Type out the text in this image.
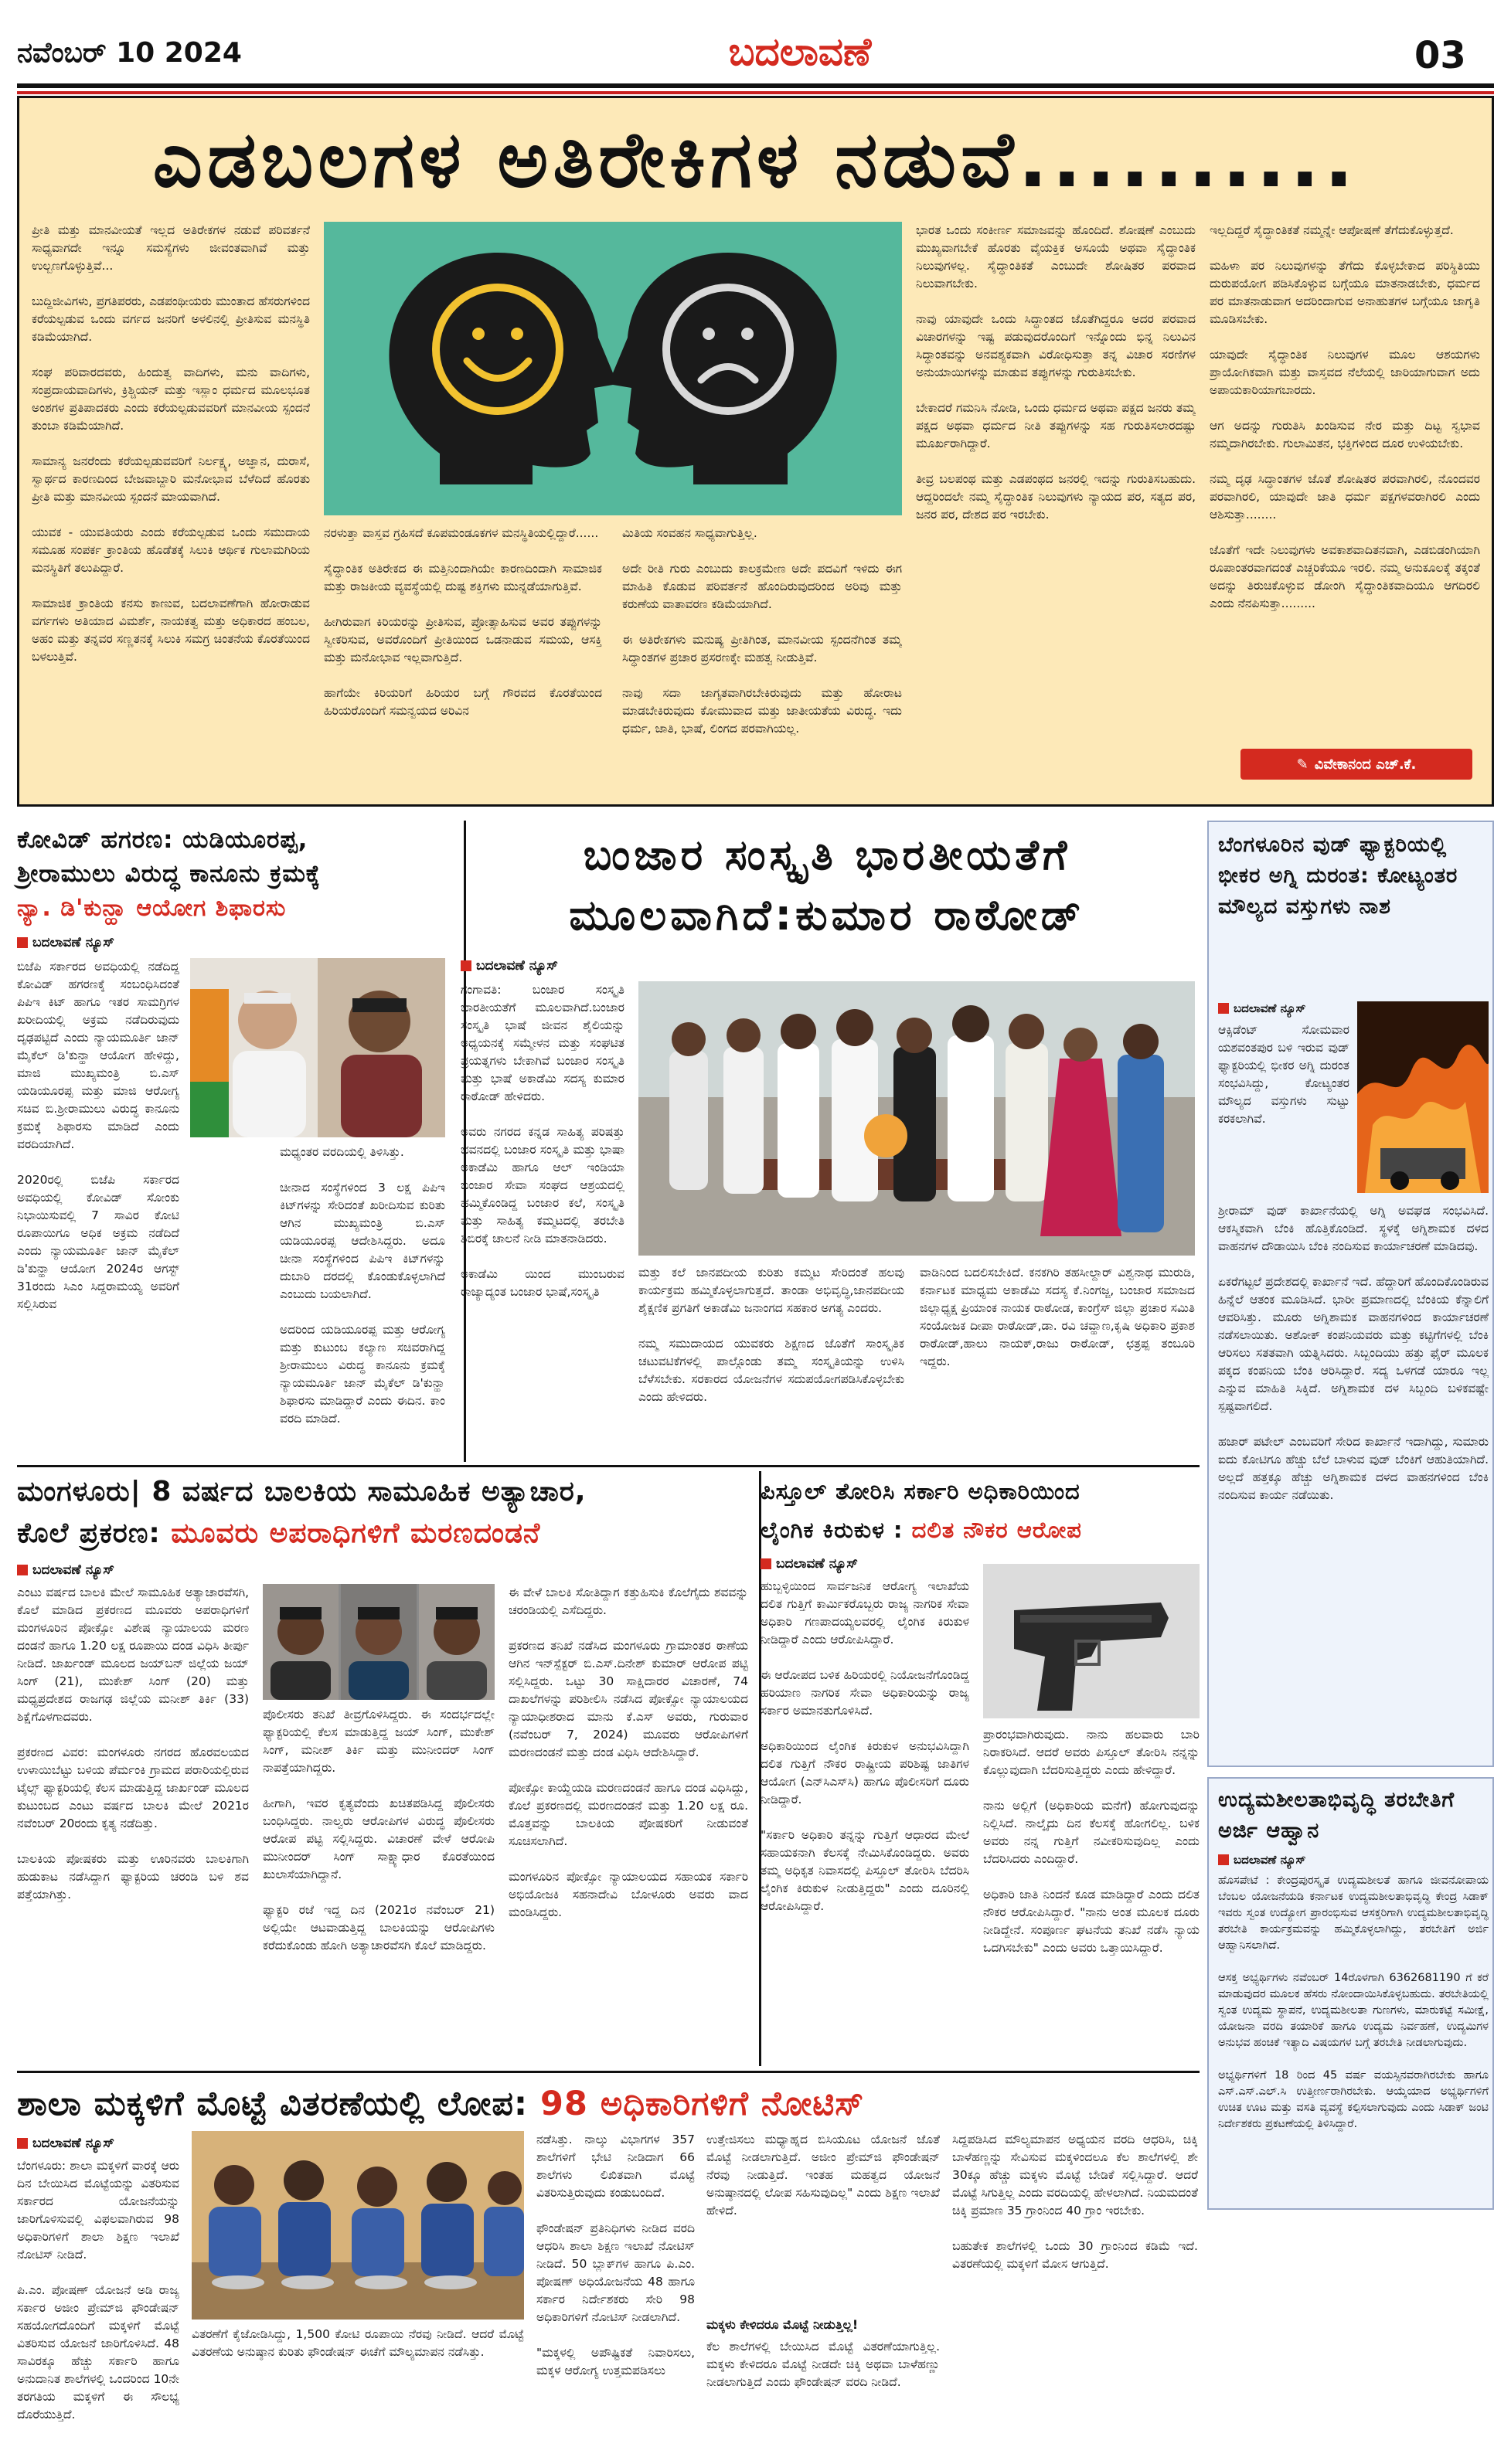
ನವೆಂಬರ್ 10 2024	ಬದಲಾವಣೆ	03
ಎಡಬಲಗಳ ಅತಿರೇಕಿಗಳ ನಡುವೆ..........
ಪ್ರೀತಿ ಮತ್ತು ಮಾನವೀಯತೆ ಇಲ್ಲದ ಅತಿರೇಕಗಳ ನಡುವೆ ಪರಿವರ್ತನೆ ಸಾಧ್ಯವಾಗದೇ ಇನ್ನೂ ಸಮಸ್ಯೆಗಳು ಜೀವಂತವಾಗಿವೆ ಮತ್ತು ಉಲ್ಬಣಗೊಳ್ಳುತ್ತಿವೆ...

ಬುದ್ದಿಜೀವಿಗಳು, ಪ್ರಗತಿಪರರು, ಎಡಪಂಥೀಯರು ಮುಂತಾದ ಹೆಸರುಗಳಿಂದ ಕರೆಯಲ್ಪಡುವ ಒಂದು ವರ್ಗದ ಜನರಿಗೆ ಅಳಲಿನಲ್ಲಿ ಪ್ರೀತಿಸುವ ಮನಸ್ಥಿತಿ ಕಡಿಮೆಯಾಗಿದೆ.

ಸಂಘ ಪರಿವಾರದವರು, ಹಿಂದುತ್ವ ವಾದಿಗಳು, ಮನು ವಾದಿಗಳು, ಸಂಪ್ರದಾಯವಾದಿಗಳು, ಕ್ರಿಶ್ಚಿಯನ್ ಮತ್ತು ಇಸ್ಲಾಂ ಧರ್ಮದ ಮೂಲಭೂತ ಅಂಶಗಳ ಪ್ರತಿಪಾದಕರು ಎಂದು ಕರೆಯಲ್ಪಡುವವರಿಗೆ ಮಾನವೀಯ ಸ್ಪಂದನೆ ತುಂಬಾ ಕಡಿಮೆಯಾಗಿದೆ.

ಸಾಮಾನ್ಯ ಜನರೆಂದು ಕರೆಯಲ್ಪಡುವವರಿಗೆ ನಿರ್ಲಕ್ಷ್ಯ, ಅಜ್ಞಾನ, ದುರಾಸೆ, ಸ್ವಾರ್ಥದ ಕಾರಣದಿಂದ ಬೇಜವಾಬ್ದಾರಿ ಮನೋಭಾವ ಬೆಳೆದಿದೆ ಹೊರತು ಪ್ರೀತಿ ಮತ್ತು ಮಾನವೀಯ ಸ್ಪಂದನೆ ಮಾಯವಾಗಿದೆ.

ಯುವಕ - ಯುವತಿಯರು ಎಂದು ಕರೆಯಲ್ಪಡುವ ಒಂದು ಸಮುದಾಯ ಸಮೂಹ ಸಂಪರ್ಕ ಕ್ರಾಂತಿಯ ಹೊಡೆತಕ್ಕೆ ಸಿಲುಕಿ ಆರ್ಥಿಕ ಗುಲಾಮಗಿರಿಯ ಮನಸ್ಥಿತಿಗೆ ತಲುಪಿದ್ದಾರೆ.

ಸಾಮಾಜಿಕ ಕ್ರಾಂತಿಯ ಕನಸು ಕಾಣುವ, ಬದಲಾವಣೆಗಾಗಿ ಹೋರಾಡುವ ವರ್ಗಗಳು ಅತಿಯಾದ ವಿಮರ್ಶೆ, ನಾಯಕತ್ವ ಮತ್ತು ಅಧಿಕಾರದ ಹಂಬಲ, ಅಹಂ ಮತ್ತು ತನ್ನವರ ಸಣ್ಣತನಕ್ಕೆ ಸಿಲುಕಿ ಸಮಗ್ರ ಚಿಂತನೆಯ ಕೊರತೆಯಿಂದ ಬಳಲುತ್ತಿವೆ.
ನರಳುತ್ತಾ ವಾಸ್ತವ ಗ್ರಹಿಸದೆ ಕೂಪಮಂಡೂಕಗಳ ಮನಸ್ಥಿತಿಯಲ್ಲಿದ್ದಾರೆ......

ಸೈದ್ಧಾಂತಿಕ ಅತಿರೇಕದ ಈ ಮತ್ತಿನಿಂದಾಗಿಯೇ ಕಾರಣದಿಂದಾಗಿ ಸಾಮಾಜಿಕ ಮತ್ತು ರಾಜಕೀಯ ವ್ಯವಸ್ಥೆಯಲ್ಲಿ ದುಷ್ಟ ಶಕ್ತಿಗಳು ಮುನ್ನಡೆಯಾಗುತ್ತಿವೆ.

ಹೀಗಿರುವಾಗ ಕಿರಿಯರನ್ನು ಪ್ರೀತಿಸುವ, ಪ್ರೋತ್ಸಾಹಿಸುವ ಅವರ ತಪ್ಪುಗಳನ್ನು ಸ್ವೀಕರಿಸುವ, ಅವರೊಂದಿಗೆ ಪ್ರೀತಿಯಿಂದ ಒಡನಾಡುವ ಸಮಯ, ಆಸಕ್ತಿ ಮತ್ತು ಮನೋಭಾವ ಇಲ್ಲವಾಗುತ್ತಿದೆ.

ಹಾಗೆಯೇ ಕಿರಿಯರಿಗೆ ಹಿರಿಯರ ಬಗ್ಗೆ ಗೌರವದ ಕೊರತೆಯಿಂದ ಹಿರಿಯರೊಂದಿಗೆ ಸಮನ್ವಯದ ಅರಿವಿನ
ಮಿತಿಯ ಸಂವಹನ ಸಾಧ್ಯವಾಗುತ್ತಿಲ್ಲ.

ಅದೇ ರೀತಿ ಗುರು ಎಂಬುದು ಕಾಲಕ್ರಮೇಣ ಅದೇ ಪದವಿಗೆ ಇಳಿದು ಈಗ ಮಾಹಿತಿ ಕೊಡುವ ಪರಿವರ್ತನೆ ಹೊಂದಿರುವುದರಿಂದ ಅರಿವು ಮತ್ತು ಕರುಣೆಯ ವಾತಾವರಣ ಕಡಿಮೆಯಾಗಿದೆ.

ಈ ಅತಿರೇಕಗಳು ಮನುಷ್ಯ ಪ್ರೀತಿಗಿಂತ, ಮಾನವೀಯ ಸ್ಪಂದನೆಗಿಂತ ತಮ್ಮ ಸಿದ್ಧಾಂತಗಳ ಪ್ರಚಾರ ಪ್ರಸರಣಕ್ಕೇ ಮಹತ್ವ ನೀಡುತ್ತಿವೆ.

ನಾವು ಸದಾ ಜಾಗೃತವಾಗಿರಬೇಕಿರುವುದು ಮತ್ತು ಹೋರಾಟ ಮಾಡಬೇಕಿರುವುದು ಕೋಮುವಾದ ಮತ್ತು ಜಾತೀಯತೆಯ ವಿರುದ್ಧ. ಇದು ಧರ್ಮ, ಜಾತಿ, ಭಾಷೆ, ಲಿಂಗದ ಪರವಾಗಿಯಲ್ಲ.
ಭಾರತ ಒಂದು ಸಂಕೀರ್ಣ ಸಮಾಜವನ್ನು ಹೊಂದಿದೆ. ಶೋಷಣೆ ಎಂಬುದು ಮುಖ್ಯವಾಗಬೇಕೆ ಹೊರತು ವೈಯಕ್ತಿಕ ಅಸೂಯೆ ಅಥವಾ ಸೈದ್ಧಾಂತಿಕ ನಿಲುವುಗಳಲ್ಲ. ಸೈದ್ಧಾಂತಿಕತೆ ಎಂಬುದೇ ಶೋಷಿತರ ಪರವಾದ ನಿಲುವಾಗಬೇಕು.

ನಾವು ಯಾವುದೇ ಒಂದು ಸಿದ್ಧಾಂತದ ಜೊತೆಗಿದ್ದರೂ ಅದರ ಪರವಾದ ವಿಚಾರಗಳನ್ನು ಇಷ್ಟ ಪಡುವುದರೊಂದಿಗೆ ಇನ್ನೊಂದು ಭಿನ್ನ ನಿಲುವಿನ ಸಿದ್ಧಾಂತವನ್ನು ಅನವಶ್ಯಕವಾಗಿ ವಿರೋಧಿಸುತ್ತಾ ತನ್ನ ವಿಚಾರ ಸರಣಿಗಳ ಅನುಯಾಯಿಗಳನ್ನು ಮಾಡುವ ತಪ್ಪುಗಳನ್ನು ಗುರುತಿಸಬೇಕು.

ಬೇಕಾದರೆ ಗಮನಿಸಿ ನೋಡಿ, ಒಂದು ಧರ್ಮದ ಅಥವಾ ಪಕ್ಷದ ಜನರು ತಮ್ಮ ಪಕ್ಷದ ಅಥವಾ ಧರ್ಮದ ನೀತಿ ತಪ್ಪುಗಳನ್ನು ಸಹ ಗುರುತಿಸಲಾರದಷ್ಟು ಮೂರ್ಖರಾಗಿದ್ದಾರೆ.

ತೀವ್ರ ಬಲಪಂಥ ಮತ್ತು ಎಡಪಂಥದ ಜನರಲ್ಲಿ ಇದನ್ನು ಗುರುತಿಸಬಹುದು. ಆದ್ದರಿಂದಲೇ ನಮ್ಮ ಸೈದ್ಧಾಂತಿಕ ನಿಲುವುಗಳು ನ್ಯಾಯದ ಪರ, ಸತ್ಯದ ಪರ, ಜನರ ಪರ, ದೇಶದ ಪರ ಇರಬೇಕು.
ಇಲ್ಲದಿದ್ದರೆ ಸೈದ್ಧಾಂತಿಕತೆ ನಮ್ಮನ್ನೇ ಆಪೋಷಣೆ ತೆಗೆದುಕೊಳ್ಳುತ್ತದೆ.

ಮಹಿಳಾ ಪರ ನಿಲುವುಗಳನ್ನು ತೆಗೆದು ಕೊಳ್ಳಬೇಕಾದ ಪರಿಸ್ಥಿತಿಯು ದುರುಪಯೋಗ ಪಡಿಸಿಕೊಳ್ಳುವ ಬಗ್ಗೆಯೂ ಮಾತನಾಡಬೇಕು, ಧರ್ಮದ ಪರ ಮಾತನಾಡುವಾಗ ಅದರಿಂದಾಗುವ ಅನಾಹುತಗಳ ಬಗ್ಗೆಯೂ ಜಾಗೃತಿ ಮೂಡಿಸಬೇಕು.

ಯಾವುದೇ ಸೈದ್ಧಾಂತಿಕ ನಿಲುವುಗಳ ಮೂಲ ಆಶಯಗಳು ಪ್ರಾಯೋಗಿಕವಾಗಿ ಮತ್ತು ವಾಸ್ತವದ ನೆಲೆಯಲ್ಲಿ ಜಾರಿಯಾಗುವಾಗ ಅದು ಅಪಾಯಕಾರಿಯಾಗಬಾರದು.

ಆಗ ಅದನ್ನು ಗುರುತಿಸಿ ಖಂಡಿಸುವ ನೇರ ಮತ್ತು ದಿಟ್ಟ ಸ್ವಭಾವ ನಮ್ಮದಾಗಿರಬೇಕು. ಗುಲಾಮಿತನ, ಭಕ್ತಿಗಳಿಂದ ದೂರ ಉಳಿಯಬೇಕು.

ನಮ್ಮ ದೃಢ ಸಿದ್ಧಾಂತಗಳ ಜೊತೆ ಶೋಷಿತರ ಪರವಾಗಿರಲಿ, ನೊಂದವರ ಪರವಾಗಿರಲಿ, ಯಾವುದೇ ಜಾತಿ ಧರ್ಮ ಪಕ್ಷಗಳವರಾಗಿರಲಿ ಎಂದು ಆಶಿಸುತ್ತಾ........

ಜೊತೆಗೆ ಇದೇ ನಿಲುವುಗಳು ಅವಕಾಶವಾದಿತನವಾಗಿ, ಎಡಬಿಡಂಗಿಯಾಗಿ ರೂಪಾಂತರವಾಗದಂತೆ ಎಚ್ಚರಿಕೆಯೂ ಇರಲಿ. ನಮ್ಮ ಅನುಕೂಲಕ್ಕೆ ತಕ್ಕಂತೆ ಅದನ್ನು ತಿರುಚಿಕೊಳ್ಳುವ ಡೋಂಗಿ ಸೈದ್ಧಾಂತಿಕವಾದಿಯೂ ಆಗದಿರಲಿ ಎಂದು ನೆನಪಿಸುತ್ತಾ.........
✎ ವಿವೇಕಾನಂದ ಎಚ್.ಕೆ.
ಕೋವಿಡ್ ಹಗರಣ: ಯಡಿಯೂರಪ್ಪ,
ಶ್ರೀರಾಮುಲು ವಿರುದ್ಧ ಕಾನೂನು ಕ್ರಮಕ್ಕೆ
ನ್ಯಾ. ಡಿ'ಕುನ್ಹಾ ಆಯೋಗ ಶಿಫಾರಸು
ಬದಲಾವಣೆ ನ್ಯೂಸ್
ಬಿಜೆಪಿ ಸರ್ಕಾರದ ಅವಧಿಯಲ್ಲಿ ನಡೆದಿದ್ದ ಕೋವಿಡ್ ಹಗರಣಕ್ಕೆ ಸಂಬಂಧಿಸಿದಂತೆ ಪಿಪಿಇ ಕಿಟ್ ಹಾಗೂ ಇತರ ಸಾಮಗ್ರಿಗಳ ಖರೀದಿಯಲ್ಲಿ ಅಕ್ರಮ ನಡೆದಿರುವುದು ದೃಢಪಟ್ಟಿದೆ ಎಂದು ನ್ಯಾಯಮೂರ್ತಿ ಜಾನ್ ಮೈಕೆಲ್ ಡಿ'ಕುನ್ಹಾ ಆಯೋಗ ಹೇಳಿದ್ದು, ಮಾಜಿ ಮುಖ್ಯಮಂತ್ರಿ ಬಿ.ಎಸ್ ಯಡಿಯೂರಪ್ಪ ಮತ್ತು ಮಾಜಿ ಆರೋಗ್ಯ ಸಚಿವ ಬಿ.ಶ್ರೀರಾಮುಲು ವಿರುದ್ಧ ಕಾನೂನು ಕ್ರಮಕ್ಕೆ ಶಿಫಾರಸು ಮಾಡಿದೆ ಎಂದು ವರದಿಯಾಗಿದೆ.

2020ರಲ್ಲಿ ಬಿಜೆಪಿ ಸರ್ಕಾರದ ಅವಧಿಯಲ್ಲಿ ಕೋವಿಡ್ ಸೋಂಕು ನಿಭಾಯಿಸುವಲ್ಲಿ 7 ಸಾವಿರ ಕೋಟಿ ರೂಪಾಯಿಗೂ ಅಧಿಕ ಅಕ್ರಮ ನಡೆದಿದೆ ಎಂದು ನ್ಯಾಯಮೂರ್ತಿ ಜಾನ್ ಮೈಕೆಲ್ ಡಿ'ಕುನ್ಹಾ ಆಯೋಗ 2024ರ ಆಗಸ್ಟ್ 31ರಂದು ಸಿಎಂ ಸಿದ್ದರಾಮಯ್ಯ ಅವರಿಗೆ ಸಲ್ಲಿಸಿರುವ
ಮಧ್ಯಂತರ ವರದಿಯಲ್ಲಿ ತಿಳಿಸಿತ್ತು.

ಚೀನಾದ ಸಂಸ್ಥೆಗಳಿಂದ 3 ಲಕ್ಷ ಪಿಪಿಇ ಕಿಟ್‌ಗಳನ್ನು ಸೇರಿದಂತೆ ಖರೀದಿಸುವ ಕುರಿತು ಆಗಿನ ಮುಖ್ಯಮಂತ್ರಿ ಬಿ.ಎಸ್ ಯಡಿಯೂರಪ್ಪ ಆದೇಶಿಸಿದ್ದರು. ಅದೂ ಚೀನಾ ಸಂಸ್ಥೆಗಳಿಂದ ಪಿಪಿಇ ಕಿಟ್‌ಗಳನ್ನು ದುಬಾರಿ ದರದಲ್ಲಿ ಕೊಂಡುಕೊಳ್ಳಲಾಗಿದೆ ಎಂಬುದು ಬಯಲಾಗಿದೆ.

ಅದರಿಂದ ಯಡಿಯೂರಪ್ಪ ಮತ್ತು ಆರೋಗ್ಯ ಮತ್ತು ಕುಟುಂಬ ಕಲ್ಯಾಣ ಸಚಿವರಾಗಿದ್ದ ಶ್ರೀರಾಮುಲು ವಿರುದ್ಧ ಕಾನೂನು ಕ್ರಮಕ್ಕೆ ನ್ಯಾಯಮೂರ್ತಿ ಜಾನ್ ಮೈಕೆಲ್ ಡಿ'ಕುನ್ಹಾ ಶಿಫಾರಸು ಮಾಡಿದ್ದಾರೆ ಎಂದು ಈದಿನ. ಕಾಂ ವರದಿ ಮಾಡಿದೆ.
ಬಂಜಾರ ಸಂಸ್ಕೃತಿ ಭಾರತೀಯತೆಗೆ
ಮೂಲವಾಗಿದೆ:ಕುಮಾರ ರಾಠೋಡ್
ಬದಲಾವಣೆ ನ್ಯೂಸ್
ಗಂಗಾವತಿ: ಬಂಜಾರ ಸಂಸ್ಕೃತಿ ಭಾರತೀಯತೆಗೆ ಮೂಲವಾಗಿದೆ.ಬಂಜಾರ ಸಂಸ್ಕೃತಿ ಭಾಷೆ ಜೀವನ ಶೈಲಿಯನ್ನು ಅಧ್ಯಯನಕ್ಕೆ ಸಮ್ಮೇಳನ ಮತ್ತು ಸಂಘಟಿತ ಪ್ರಯತ್ನಗಳು ಬೇಕಾಗಿವೆ ಬಂಜಾರ ಸಂಸ್ಕೃತಿ ಮತ್ತು ಭಾಷೆ ಅಕಾಡೆಮಿ ಸದಸ್ಯ ಕುಮಾರ ರಾಠೋಡ್ ಹೇಳಿದರು.

ಅವರು ನಗರದ ಕನ್ನಡ ಸಾಹಿತ್ಯ ಪರಿಷತ್ತು ಭವನದಲ್ಲಿ ಬಂಜಾರ ಸಂಸ್ಕೃತಿ ಮತ್ತು ಭಾಷಾ ಅಕಾಡೆಮಿ ಹಾಗೂ ಆಲ್ ಇಂಡಿಯಾ ಬಂಜಾರ ಸೇವಾ ಸಂಘದ ಆಶ್ರಯದಲ್ಲಿ ಹಮ್ಮಿಕೊಂಡಿದ್ದ ಬಂಜಾರ ಕಲೆ, ಸಂಸ್ಕೃತಿ ಮತ್ತು ಸಾಹಿತ್ಯ ಕಮ್ಮಟದಲ್ಲಿ ತರಬೇತಿ ಶಿಬಿರಕ್ಕೆ ಚಾಲನೆ ನೀಡಿ ಮಾತನಾಡಿದರು.

ಅಕಾಡೆಮಿ ಯಿಂದ ಮುಂಬರುವ ರಾಜ್ಯಾದ್ಯಂತ ಬಂಜಾರ ಭಾಷೆ,ಸಂಸ್ಕೃತಿ
ಮತ್ತು ಕಲೆ ಜಾನಪದೀಯ ಕುರಿತು ಕಮ್ಮಟ ಸೇರಿದಂತೆ ಹಲವು ಕಾರ್ಯಕ್ರಮ ಹಮ್ಮಿಕೊಳ್ಳಲಾಗುತ್ತದೆ. ತಾಂಡಾ ಅಭಿವೃದ್ಧಿ,ಜಾನಪದೀಯ ಶೈಕ್ಷಣಿಕ ಪ್ರಗತಿಗೆ ಅಕಾಡೆಮಿ ಜನಾಂಗದ ಸಹಕಾರ ಅಗತ್ಯ ಎಂದರು.

ನಮ್ಮ ಸಮುದಾಯದ ಯುವಕರು ಶಿಕ್ಷಣದ ಜೊತೆಗೆ ಸಾಂಸ್ಕೃತಿಕ ಚಟುವಟಿಕೆಗಳಲ್ಲಿ ಪಾಲ್ಗೊಂಡು ತಮ್ಮ ಸಂಸ್ಕೃತಿಯನ್ನು ಉಳಿಸಿ ಬೆಳೆಸಬೇಕು. ಸರಕಾರದ ಯೋಜನೆಗಳ ಸದುಪಯೋಗಪಡಿಸಿಕೊಳ್ಳಬೇಕು ಎಂದು ಹೇಳಿದರು.
ವಾಡಿನಿಂದ ಬದಲಿಸಬೇಕಿದೆ. ಕನಕಗಿರಿ ತಹಸೀಲ್ದಾರ್ ವಿಶ್ವನಾಥ ಮುರುಡಿ, ಕರ್ನಾಟಕ ಮಾಧ್ಯಮ ಅಕಾಡೆಮಿ ಸದಸ್ಯ ಕೆ.ನಿಂಗಜ್ಜ, ಬಂಜಾರ ಸಮಾಜದ ಜಿಲ್ಲಾಧ್ಯಕ್ಷ ಪ್ರಿಯಾಂಕ ನಾಯಕ ರಾಠೋಡ, ಕಾಂಗ್ರೆಸ್ ಜಿಲ್ಲಾ ಪ್ರಚಾರ ಸಮಿತಿ ಸಂಯೋಜಕ ದೀಪಾ ರಾಠೋಡ್,ಡಾ. ರವಿ ಚವ್ಹಾಣ,ಕೃಷಿ ಅಧಿಕಾರಿ ಪ್ರಕಾಶ ರಾಠೋಡ್,ಹಾಲು ನಾಯಕ್,ರಾಜು ರಾಠೋಡ್, ಛತ್ರಪ್ಪ ತಂಬೂರಿ ಇದ್ದರು.
ಬೆಂಗಳೂರಿನ ವುಡ್ ಫ್ಯಾಕ್ಟರಿಯಲ್ಲಿ ಭೀಕರ ಅಗ್ನಿ ದುರಂತ: ಕೋಟ್ಯಂತರ ಮೌಲ್ಯದ ವಸ್ತುಗಳು ನಾಶ
ಬದಲಾವಣೆ ನ್ಯೂಸ್
ಆಕ್ಸಿಡೆಂಟ್ ಸೋಮವಾರ ಯಶವಂತಪುರ ಬಳಿ ಇರುವ ವುಡ್ ಫ್ಯಾಕ್ಟರಿಯಲ್ಲಿ ಭೀಕರ ಅಗ್ನಿ ದುರಂತ ಸಂಭವಿಸಿದ್ದು, ಕೋಟ್ಯಂತರ ಮೌಲ್ಯದ ವಸ್ತುಗಳು ಸುಟ್ಟು ಕರಕಲಾಗಿವೆ.
ಶ್ರೀರಾಮ್ ವುಡ್ ಕಾರ್ಖಾನೆಯಲ್ಲಿ ಅಗ್ನಿ ಅವಘಡ ಸಂಭವಿಸಿದೆ. ಆಕಸ್ಮಿಕವಾಗಿ ಬೆಂಕಿ ಹೊತ್ತಿಕೊಂಡಿದೆ. ಸ್ಥಳಕ್ಕೆ ಅಗ್ನಿಶಾಮಕ ದಳದ ವಾಹನಗಳ ದೌಡಾಯಿಸಿ ಬೆಂಕಿ ನಂದಿಸುವ ಕಾರ್ಯಾಚರಣೆ ಮಾಡಿದವು.

ಏಕರೆಗಟ್ಟಲೆ ಪ್ರದೇಶದಲ್ಲಿ ಕಾರ್ಖಾನೆ ಇದೆ. ಹೆದ್ದಾರಿಗೆ ಹೊಂದಿಕೊಂಡಿರುವ ಹಿನ್ನೆಲೆ ಆತಂಕ ಮೂಡಿಸಿದೆ. ಭಾರೀ ಪ್ರಮಾಣದಲ್ಲಿ ಬೆಂಕಿಯ ಕೆನ್ನಾಲಿಗೆ ಆವರಿಸಿತ್ತು. ಮೂರು ಅಗ್ನಿಶಾಮಕ ವಾಹನಗಳಿಂದ ಕಾರ್ಯಾಚರಣೆ ನಡೆಸಲಾಯಿತು. ಅಶೋಕ್ ಕಂಪನಿಯವರು ಮತ್ತು ಕಟ್ಟಿಗೆಗಳಲ್ಲಿ ಬೆಂಕಿ ಆರಿಸಲು ಸತತವಾಗಿ ಯತ್ನಿಸಿದರು. ಸಿಬ್ಬಂದಿಯು ಹತ್ತು ಫೈರ್ ಮೂಲಕ ಪಕ್ಕದ ಕಂಪನಿಯ ಬೆಂಕಿ ಆರಿಸಿದ್ದಾರೆ. ಸದ್ಯ ಒಳಗಡೆ ಯಾರೂ ಇಲ್ಲ ಎನ್ನುವ ಮಾಹಿತಿ ಸಿಕ್ಕಿದೆ. ಅಗ್ನಿಶಾಮಕ ದಳ ಸಿಬ್ಬಂದಿ ಬಳಿಕವಷ್ಟೇ ಸ್ಪಷ್ಟವಾಗಲಿದೆ.

ಹಜಾರ್ ಪಟೇಲ್ ಎಂಬವರಿಗೆ ಸೇರಿದ ಕಾರ್ಖಾನೆ ಇದಾಗಿದ್ದು, ಸುಮಾರು ಐದು ಕೋಟಿಗೂ ಹೆಚ್ಚು ಬೆಲೆ ಬಾಳುವ ವುಡ್ ಬೆಂಕಿಗೆ ಆಹುತಿಯಾಗಿದೆ. ಅಲ್ಲದೆ ಹತ್ತಕ್ಕೂ ಹೆಚ್ಚು ಅಗ್ನಿಶಾಮಕ ದಳದ ವಾಹನಗಳಿಂದ ಬೆಂಕಿ ನಂದಿಸುವ ಕಾರ್ಯ ನಡೆಯಿತು.
ಉದ್ಯಮಶೀಲತಾಭಿವೃದ್ಧಿ ತರಬೇತಿಗೆ ಅರ್ಜಿ ಆಹ್ವಾನ
ಬದಲಾವಣೆ ನ್ಯೂಸ್
ಹೊಸಪೇಟೆ : ಕೇಂದ್ರಪುರಸ್ಕೃತ ಉದ್ಯಮಶೀಲತೆ ಹಾಗೂ ಜೀವನೋಪಾಯ ಬೆಂಬಲ ಯೋಜನೆಯಡಿ ಕರ್ನಾಟಕ ಉದ್ಯಮಶೀಲತಾಭಿವೃದ್ಧಿ ಕೇಂದ್ರ ಸಿಡಾಕ್ ಇವರು ಸ್ವಂತ ಉದ್ಯೋಗ ಪ್ರಾರಂಭಿಸುವ ಆಸಕ್ತರಿಗಾಗಿ ಉದ್ಯಮಶೀಲತಾಭಿವೃದ್ಧಿ ತರಬೇತಿ ಕಾರ್ಯಕ್ರಮವನ್ನು ಹಮ್ಮಿಕೊಳ್ಳಲಾಗಿದ್ದು, ತರಬೇತಿಗೆ ಅರ್ಜಿ ಆಹ್ವಾನಿಸಲಾಗಿದೆ.

ಆಸಕ್ತ ಅಭ್ಯರ್ಥಿಗಳು ನವೆಂಬರ್ 14ರೊಳಗಾಗಿ 6362681190 ಗೆ ಕರೆ ಮಾಡುವುದರ ಮೂಲಕ ಹೆಸರು ನೋಂದಾಯಿಸಿಕೊಳ್ಳಬಹುದು. ತರಬೇತಿಯಲ್ಲಿ ಸ್ವಂತ ಉದ್ಯಮ ಸ್ಥಾಪನೆ, ಉದ್ಯಮಶೀಲತಾ ಗುಣಗಳು, ಮಾರುಕಟ್ಟೆ ಸಮೀಕ್ಷೆ, ಯೋಜನಾ ವರದಿ ತಯಾರಿಕೆ ಹಾಗೂ ಉದ್ಯಮ ನಿರ್ವಹಣೆ, ಉದ್ಯಮಿಗಳ ಅನುಭವ ಹಂಚಿಕೆ ಇತ್ಯಾದಿ ವಿಷಯಗಳ ಬಗ್ಗೆ ತರಬೇತಿ ನೀಡಲಾಗುವುದು.

ಅಭ್ಯರ್ಥಿಗಳಿಗೆ 18 ರಿಂದ 45 ವರ್ಷ ವಯಸ್ಸಿನವರಾಗಿರಬೇಕು ಹಾಗೂ ಎಸ್.ಎಸ್.ಎಲ್.ಸಿ ಉತ್ತೀರ್ಣರಾಗಿರಬೇಕು. ಆಯ್ಕೆಯಾದ ಅಭ್ಯರ್ಥಿಗಳಿಗೆ ಉಚಿತ ಊಟ ಮತ್ತು ವಸತಿ ವ್ಯವಸ್ಥೆ ಕಲ್ಪಿಸಲಾಗುವುದು ಎಂದು ಸಿಡಾಕ್ ಜಂಟಿ ನಿರ್ದೇಶಕರು ಪ್ರಕಟಣೆಯಲ್ಲಿ ತಿಳಿಸಿದ್ದಾರೆ.
ಮಂಗಳೂರು| 8 ವರ್ಷದ ಬಾಲಕಿಯ ಸಾಮೂಹಿಕ ಅತ್ಯಾಚಾರ,
ಕೊಲೆ ಪ್ರಕರಣ: ಮೂವರು ಅಪರಾಧಿಗಳಿಗೆ ಮರಣದಂಡನೆ
ಬದಲಾವಣೆ ನ್ಯೂಸ್
ಎಂಟು ವರ್ಷದ ಬಾಲಕಿ ಮೇಲೆ ಸಾಮೂಹಿಕ ಅತ್ಯಾಚಾರವೆಸಗಿ, ಕೊಲೆ ಮಾಡಿದ ಪ್ರಕರಣದ ಮೂವರು ಅಪರಾಧಿಗಳಿಗೆ ಮಂಗಳೂರಿನ ಪೋಕ್ಸೋ ವಿಶೇಷ ನ್ಯಾಯಾಲಯ ಮರಣ ದಂಡನೆ ಹಾಗೂ 1.20 ಲಕ್ಷ ರೂಪಾಯಿ ದಂಡ ವಿಧಿಸಿ ತೀರ್ಪು ನೀಡಿದೆ. ಜಾರ್ಖಂಡ್ ಮೂಲದ ಜಯ್‌ಬನ್ ಜಿಲ್ಲೆಯ ಜಯ್ ಸಿಂಗ್ (21), ಮುಕೇಶ್ ಸಿಂಗ್ (20) ಮತ್ತು ಮಧ್ಯಪ್ರದೇಶದ ರಾಜಗಢ ಜಿಲ್ಲೆಯ ಮನೀಶ್ ತಿರ್ಕಿ (33) ಶಿಕ್ಷೆಗೊಳಗಾದವರು.

ಪ್ರಕರಣದ ವಿವರ: ಮಂಗಳೂರು ನಗರದ ಹೊರವಲಯದ ಉಳಾಯಿಬೆಟ್ಟು ಬಳಿಯ ಪೆರ್ಮಂಕಿ ಗ್ರಾಮದ ಪರಾರಿಯಲ್ಲಿರುವ ಟೈಲ್ಸ್ ಫ್ಯಾಕ್ಟರಿಯಲ್ಲಿ ಕೆಲಸ ಮಾಡುತ್ತಿದ್ದ ಜಾರ್ಖಂಡ್ ಮೂಲದ ಕುಟುಂಬದ ಎಂಟು ವರ್ಷದ ಬಾಲಕಿ ಮೇಲೆ 2021ರ ನವೆಂಬರ್ 20ರಂದು ಕೃತ್ಯ ನಡೆದಿತ್ತು.

ಬಾಲಕಿಯ ಪೋಷಕರು ಮತ್ತು ಊರಿನವರು ಬಾಲಕಿಗಾಗಿ ಹುಡುಕಾಟ ನಡೆಸಿದ್ದಾಗ ಫ್ಯಾಕ್ಟರಿಯ ಚರಂಡಿ ಬಳಿ ಶವ ಪತ್ತೆಯಾಗಿತ್ತು.
ಪೊಲೀಸರು ತನಿಖೆ ತೀವ್ರಗೊಳಿಸಿದ್ದರು. ಈ ಸಂದರ್ಭದಲ್ಲೇ ಫ್ಯಾಕ್ಟರಿಯಲ್ಲಿ ಕೆಲಸ ಮಾಡುತ್ತಿದ್ದ ಜಯ್ ಸಿಂಗ್, ಮುಕೇಶ್ ಸಿಂಗ್, ಮನೀಶ್ ತಿರ್ಕಿ ಮತ್ತು ಮುನೀಂದರ್ ಸಿಂಗ್ ನಾಪತ್ತೆಯಾಗಿದ್ದರು.

ಹೀಗಾಗಿ, ಇವರ ಕೃತ್ಯವೆಂದು ಖಚಿತಪಡಿಸಿದ್ದ ಪೊಲೀಸರು ಬಂಧಿಸಿದ್ದರು. ನಾಲ್ವರು ಆರೋಪಿಗಳ ವಿರುದ್ಧ ಪೊಲೀಸರು ಆರೋಪ ಪಟ್ಟಿ ಸಲ್ಲಿಸಿದ್ದರು. ವಿಚಾರಣೆ ವೇಳೆ ಆರೋಪಿ ಮುನೀಂದರ್ ಸಿಂಗ್ ಸಾಕ್ಷ್ಯಾಧಾರ ಕೊರತೆಯಿಂದ ಖುಲಾಸೆಯಾಗಿದ್ದಾನೆ.

ಫ್ಯಾಕ್ಟರಿ ರಜೆ ಇದ್ದ ದಿನ (2021ರ ನವೆಂಬರ್ 21) ಅಲ್ಲಿಯೇ ಆಟವಾಡುತ್ತಿದ್ದ ಬಾಲಕಿಯನ್ನು ಆರೋಪಿಗಳು ಕರೆದುಕೊಂಡು ಹೋಗಿ ಅತ್ಯಾಚಾರವೆಸಗಿ ಕೊಲೆ ಮಾಡಿದ್ದರು.
ಈ ವೇಳೆ ಬಾಲಕಿ ಸೋತಿದ್ದಾಗ ಕತ್ತುಹಿಸುಕಿ ಕೊಲೆಗೈದು ಶವವನ್ನು ಚರಂಡಿಯಲ್ಲಿ ಎಸೆದಿದ್ದರು.

ಪ್ರಕರಣದ ತನಿಖೆ ನಡೆಸಿದ ಮಂಗಳೂರು ಗ್ರಾಮಾಂತರ ಠಾಣೆಯ ಆಗಿನ ಇನ್‌ಸ್ಪೆಕ್ಟರ್ ಬಿ.ಎಸ್.ದಿನೇಶ್ ಕುಮಾರ್ ಆರೋಪ ಪಟ್ಟಿ ಸಲ್ಲಿಸಿದ್ದರು. ಒಟ್ಟು 30 ಸಾಕ್ಷಿದಾರರ ವಿಚಾರಣೆ, 74 ದಾಖಲೆಗಳನ್ನು ಪರಿಶೀಲಿಸಿ ನಡೆಸಿದ ಪೋಕ್ಸೋ ನ್ಯಾಯಾಲಯದ ನ್ಯಾಯಾಧೀಶರಾದ ಮಾನು ಕೆ.ಎಸ್ ಅವರು, ಗುರುವಾರ (ನವೆಂಬರ್ 7, 2024) ಮೂವರು ಆರೋಪಿಗಳಿಗೆ ಮರಣದಂಡನೆ ಮತ್ತು ದಂಡ ವಿಧಿಸಿ ಆದೇಶಿಸಿದ್ದಾರೆ.

ಪೋಕ್ಸೋ ಕಾಯ್ದೆಯಡಿ ಮರಣದಂಡನೆ ಹಾಗೂ ದಂಡ ವಿಧಿಸಿದ್ದು, ಕೊಲೆ ಪ್ರಕರಣದಲ್ಲಿ ಮರಣದಂಡನೆ ಮತ್ತು 1.20 ಲಕ್ಷ ರೂ. ಮೊತ್ತವನ್ನು ಬಾಲಕಿಯ ಪೋಷಕರಿಗೆ ನೀಡುವಂತೆ ಸೂಚಿಸಲಾಗಿದೆ.

ಮಂಗಳೂರಿನ ಪೋಕ್ಸೋ ನ್ಯಾಯಾಲಯದ ಸಹಾಯಕ ಸರ್ಕಾರಿ ಅಭಿಯೋಜಕಿ ಸಹನಾದೇವಿ ಬೋಳೂರು ಅವರು ವಾದ ಮಂಡಿಸಿದ್ದರು.
ಪಿಸ್ತೂಲ್ ತೋರಿಸಿ ಸರ್ಕಾರಿ ಅಧಿಕಾರಿಯಿಂದ
ಲೈಂಗಿಕ ಕಿರುಕುಳ : ದಲಿತ ನೌಕರ ಆರೋಪ
ಬದಲಾವಣೆ ನ್ಯೂಸ್
ಹುಬ್ಬಳ್ಳಿಯಿಂದ ಸಾರ್ವಜನಿಕ ಆರೋಗ್ಯ ಇಲಾಖೆಯ ದಲಿತ ಗುತ್ತಿಗೆ ಕಾರ್ಮಿಕರೊಬ್ಬರು ರಾಜ್ಯ ನಾಗರಿಕ ಸೇವಾ ಅಧಿಕಾರಿ ಗಣಪಾದಯ್ಯಲವರಲ್ಲಿ ಲೈಂಗಿಕ ಕಿರುಕುಳ ನೀಡಿದ್ದಾರೆ ಎಂದು ಆರೋಪಿಸಿದ್ದಾರೆ.

ಈ ಆರೋಪದ ಬಳಿಕ ಹಿರಿಯರಲ್ಲಿ ನಿಯೋಜನೆಗೊಂಡಿದ್ದ ಹರಿಯಾಣ ನಾಗರಿಕ ಸೇವಾ ಅಧಿಕಾರಿಯನ್ನು ರಾಜ್ಯ ಸರ್ಕಾರ ಅಮಾನತುಗೊಳಿಸಿದೆ.

ಅಧಿಕಾರಿಯಿಂದ ಲೈಂಗಿಕ ಕಿರುಕುಳ ಅನುಭವಿಸಿದ್ದಾಗಿ ದಲಿತ ಗುತ್ತಿಗೆ ನೌಕರ ರಾಷ್ಟ್ರೀಯ ಪರಿಶಿಷ್ಟ ಜಾತಿಗಳ ಆಯೋಗ (ಎನ್‌ಸಿಎಸ್‌ಸಿ) ಹಾಗೂ ಪೊಲೀಸರಿಗೆ ದೂರು ನೀಡಿದ್ದಾರೆ.

"ಸರ್ಕಾರಿ ಅಧಿಕಾರಿ ತನ್ನನ್ನು ಗುತ್ತಿಗೆ ಆಧಾರದ ಮೇಲೆ ಸಹಾಯಕನಾಗಿ ಕೆಲಸಕ್ಕೆ ನೇಮಿಸಿಕೊಂಡಿದ್ದರು. ಅವರು ತಮ್ಮ ಅಧಿಕೃತ ನಿವಾಸದಲ್ಲಿ ಪಿಸ್ತೂಲ್ ತೋರಿಸಿ ಬೆದರಿಸಿ ಲೈಂಗಿಕ ಕಿರುಕುಳ ನೀಡುತ್ತಿದ್ದರು" ಎಂದು ದೂರಿನಲ್ಲಿ ಆರೋಪಿಸಿದ್ದಾರೆ.
ಪ್ರಾರಂಭವಾಗಿರುವುದು. ನಾನು ಹಲವಾರು ಬಾರಿ ನಿರಾಕರಿಸಿದೆ. ಆದರೆ ಅವರು ಪಿಸ್ತೂಲ್ ತೋರಿಸಿ ನನ್ನನ್ನು ಕೊಲ್ಲುವುದಾಗಿ ಬೆದರಿಸುತ್ತಿದ್ದರು ಎಂದು ಹೇಳಿದ್ದಾರೆ.

ನಾನು ಅಲ್ಲಿಗೆ (ಅಧಿಕಾರಿಯ ಮನೆಗೆ) ಹೋಗುವುದನ್ನು ನಿಲ್ಲಿಸಿದೆ. ನಾಲ್ಕೈದು ದಿನ ಕೆಲಸಕ್ಕೆ ಹೋಗಲಿಲ್ಲ. ಬಳಿಕ ಅವರು ನನ್ನ ಗುತ್ತಿಗೆ ನವೀಕರಿಸುವುದಿಲ್ಲ ಎಂದು ಬೆದರಿಸಿದರು ಎಂದಿದ್ದಾರೆ.

ಅಧಿಕಾರಿ ಜಾತಿ ನಿಂದನೆ ಕೂಡ ಮಾಡಿದ್ದಾರೆ ಎಂದು ದಲಿತ ನೌಕರ ಆರೋಪಿಸಿದ್ದಾರೆ. "ನಾನು ಅಂತ ಮೂಲಕ ದೂರು ನೀಡಿದ್ದೇನೆ. ಸಂಪೂರ್ಣ ಘಟನೆಯ ತನಿಖೆ ನಡೆಸಿ ನ್ಯಾಯ ಒದಗಿಸಬೇಕು" ಎಂದು ಅವರು ಒತ್ತಾಯಿಸಿದ್ದಾರೆ.
ಶಾಲಾ ಮಕ್ಕಳಿಗೆ ಮೊಟ್ಟೆ ವಿತರಣೆಯಲ್ಲಿ ಲೋಪ: 98 ಅಧಿಕಾರಿಗಳಿಗೆ ನೋಟಿಸ್
ಬದಲಾವಣೆ ನ್ಯೂಸ್
ಬೆಂಗಳೂರು: ಶಾಲಾ ಮಕ್ಕಳಿಗೆ ವಾರಕ್ಕೆ ಆರು ದಿನ ಬೇಯಿಸಿದ ಮೊಟ್ಟೆಯನ್ನು ವಿತರಿಸುವ ಸರ್ಕಾರದ ಯೋಜನೆಯನ್ನು ಜಾರಿಗೊಳಿಸುವಲ್ಲಿ ವಿಫಲವಾಗಿರುವ 98 ಅಧಿಕಾರಿಗಳಿಗೆ ಶಾಲಾ ಶಿಕ್ಷಣ ಇಲಾಖೆ ನೋಟಿಸ್ ನೀಡಿದೆ.

ಪಿ.ಎಂ. ಪೋಷಣ್ ಯೋಜನೆ ಅಡಿ ರಾಜ್ಯ ಸರ್ಕಾರ ಅಜೀಂ ಪ್ರೇಮ್‌ಜಿ ಫೌಂಡೇಷನ್ ಸಹಯೋಗದೊಂದಿಗೆ ಮಕ್ಕಳಿಗೆ ಮೊಟ್ಟೆ ವಿತರಿಸುವ ಯೋಜನೆ ಜಾರಿಗೊಳಿಸಿದೆ. 48 ಸಾವಿರಕ್ಕೂ ಹೆಚ್ಚು ಸರ್ಕಾರಿ ಹಾಗೂ ಅನುದಾನಿತ ಶಾಲೆಗಳಲ್ಲಿ ಒಂದರಿಂದ 10ನೇ ತರಗತಿಯ ಮಕ್ಕಳಿಗೆ ಈ ಸೌಲಭ್ಯ ದೊರೆಯುತ್ತಿದೆ.
ವಿತರಣೆಗೆ ಕೈಜೋಡಿಸಿದ್ದು, 1,500 ಕೋಟಿ ರೂಪಾಯಿ ನೆರವು ನೀಡಿದೆ. ಆದರೆ ಮೊಟ್ಟೆ ವಿತರಣೆಯ ಅನುಷ್ಠಾನ ಕುರಿತು ಫೌಂಡೇಷನ್ ಈಚೆಗೆ ಮೌಲ್ಯಮಾಪನ ನಡೆಸಿತ್ತು.
ನಡೆಸಿತ್ತು. ನಾಲ್ಕು ವಿಭಾಗಗಳ 357 ಶಾಲೆಗಳಿಗೆ ಭೇಟಿ ನೀಡಿದಾಗ 66 ಶಾಲೆಗಳು ಲಿಖಿತವಾಗಿ ಮೊಟ್ಟೆ ವಿತರಿಸುತ್ತಿರುವುದು ಕಂಡುಬಂದಿದೆ.

ಫೌಂಡೇಷನ್ ಪ್ರತಿನಿಧಿಗಳು ನೀಡಿದ ವರದಿ ಆಧರಿಸಿ ಶಾಲಾ ಶಿಕ್ಷಣ ಇಲಾಖೆ ನೋಟಿಸ್ ನೀಡಿದೆ. 50 ಬ್ಲಾಕ್‌ಗಳ ಹಾಗೂ ಪಿ.ಎಂ. ಪೋಷಣ್ ಅಧಿಯೋಜನೆಯ 48 ಹಾಗೂ ಸರ್ಕಾರ ನಿರ್ದೇಶಕರು ಸೇರಿ 98 ಅಧಿಕಾರಿಗಳಿಗೆ ನೋಟಿಸ್ ನೀಡಲಾಗಿದೆ.

"ಮಕ್ಕಳಲ್ಲಿ ಅಪೌಷ್ಟಿಕತೆ ನಿವಾರಿಸಲು, ಮಕ್ಕಳ ಆರೋಗ್ಯ ಉತ್ತಮಪಡಿಸಲು
ಉತ್ತೇಜಿಸಲು ಮಧ್ಯಾಹ್ನದ ಬಿಸಿಯೂಟ ಯೋಜನೆ ಜೊತೆ ಮೊಟ್ಟೆ ನೀಡಲಾಗುತ್ತಿದೆ. ಅಜೀಂ ಪ್ರೇಮ್‌ಜಿ ಫೌಂಡೇಷನ್ ನೆರವು ನೀಡುತ್ತಿದೆ. ಇಂತಹ ಮಹತ್ವದ ಯೋಜನೆ ಅನುಷ್ಠಾನದಲ್ಲಿ ಲೋಪ ಸಹಿಸುವುದಿಲ್ಲ" ಎಂದು ಶಿಕ್ಷಣ ಇಲಾಖೆ ಹೇಳಿದೆ.
ಮಕ್ಕಳು ಕೇಳಿದರೂ ಮೊಟ್ಟೆ ನೀಡುತ್ತಿಲ್ಲ!
ಕೆಲ ಶಾಲೆಗಳಲ್ಲಿ ಬೇಯಿಸಿದ ಮೊಟ್ಟೆ ವಿತರಣೆಯಾಗುತ್ತಿಲ್ಲ. ಮಕ್ಕಳು ಕೇಳಿದರೂ ಮೊಟ್ಟೆ ನೀಡದೇ ಚಿಕ್ಕಿ ಅಥವಾ ಬಾಳೆಹಣ್ಣು ನೀಡಲಾಗುತ್ತಿದೆ ಎಂದು ಫೌಂಡೇಷನ್ ವರದಿ ನೀಡಿದೆ.
ಸಿದ್ದಪಡಿಸಿದ ಮೌಲ್ಯಮಾಪನ ಅಧ್ಯಯನ ವರದಿ ಆಧರಿಸಿ, ಚಿಕ್ಕಿ ಬಾಳೆಹಣ್ಣನ್ನು ಸೇವಿಸುವ ಮಕ್ಕಳಿಂದಲೂ ಕೆಲ ಶಾಲೆಗಳಲ್ಲಿ ಶೇ 30ಕ್ಕೂ ಹೆಚ್ಚು ಮಕ್ಕಳು ಮೊಟ್ಟೆ ಬೇಡಿಕೆ ಸಲ್ಲಿಸಿದ್ದಾರೆ. ಆದರೆ ಮೊಟ್ಟೆ ಸಿಗುತ್ತಿಲ್ಲ ಎಂದು ವರದಿಯಲ್ಲಿ ಹೇಳಲಾಗಿದೆ. ನಿಯಮದಂತೆ ಚಿಕ್ಕಿ ಪ್ರಮಾಣ 35 ಗ್ರಾಂನಿಂದ 40 ಗ್ರಾಂ ಇರಬೇಕು.

ಬಹುತೇಕ ಶಾಲೆಗಳಲ್ಲಿ ಒಂದು 30 ಗ್ರಾಂನಿಂದ ಕಡಿಮೆ ಇದೆ. ವಿತರಣೆಯಲ್ಲಿ ಮಕ್ಕಳಿಗೆ ಮೋಸ ಆಗುತ್ತಿದೆ.
